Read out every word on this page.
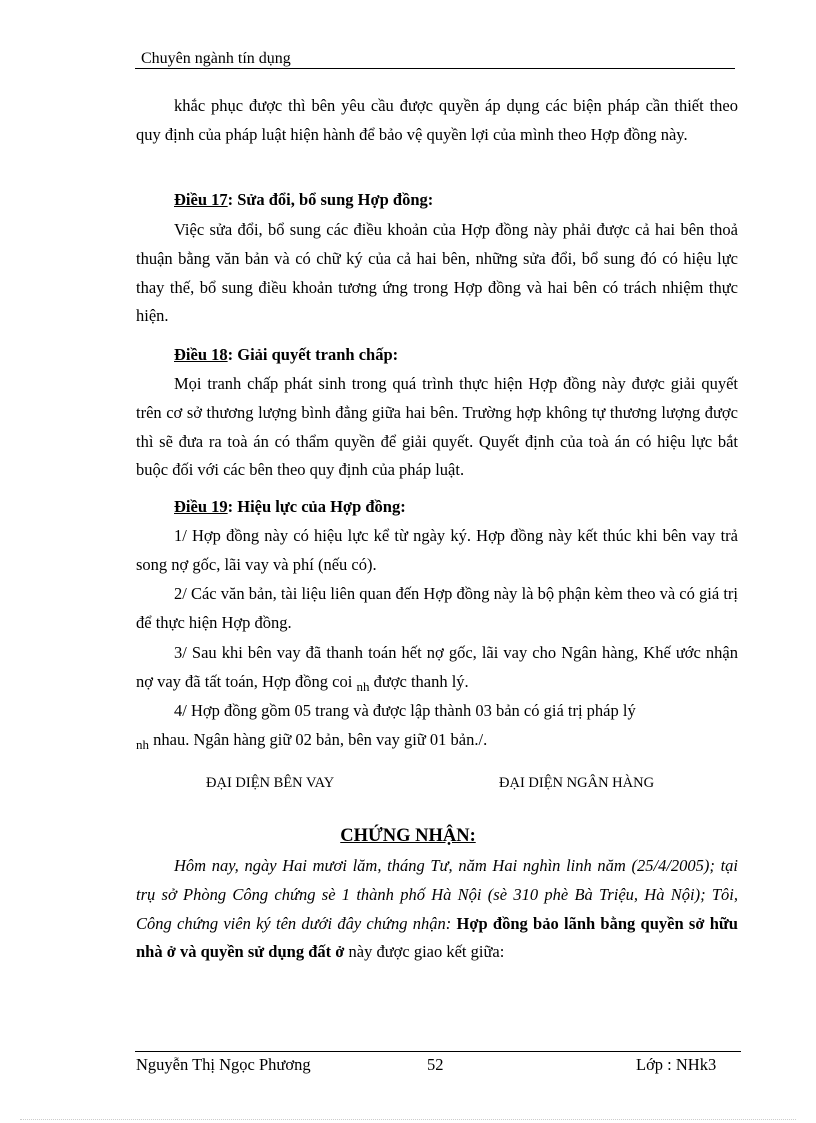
Chuyên ngành tín dụng

khắc phục được thì bên yêu cầu được quyền áp dụng các biện pháp cần thiết theo quy định của pháp luật hiện hành để bảo vệ quyền lợi của mình theo Hợp đồng này.

Điều 17: Sửa đổi, bổ sung Hợp đồng:

Việc sửa đổi, bổ sung các điều khoản của Hợp đồng này phải được cả hai bên thoả thuận bằng văn bản và có chữ ký của cả hai bên, những sửa đổi, bổ sung đó có hiệu lực thay thế, bổ sung điều khoản tương ứng trong Hợp đồng và hai bên có trách nhiệm thực hiện.

Điều 18: Giải quyết tranh chấp:

Mọi tranh chấp phát sinh trong quá trình thực hiện Hợp đồng này được giải quyết trên cơ sở thương lượng bình đẳng giữa hai bên. Trường hợp không tự thương lượng được thì sẽ đưa ra toà án có thẩm quyền để giải quyết. Quyết định của toà án có hiệu lực bắt buộc đối với các bên theo quy định của pháp luật.

Điều 19: Hiệu lực của Hợp đồng:

1/ Hợp đồng này có hiệu lực kể từ ngày ký. Hợp đồng này kết thúc khi bên vay trả song nợ gốc, lãi vay và phí (nếu có).

2/ Các văn bản, tài liệu liên quan đến Hợp đồng này là bộ phận kèm theo và có giá trị để thực hiện Hợp đồng.

3/ Sau khi bên vay đã thanh toán hết nợ gốc, lãi vay cho Ngân hàng, Khế ước nhận nợ vay đã tất toán, Hợp đồng coi $_{nh}$ được thanh lý.

4/ Hợp đồng gồm 05 trang và được lập thành 03 bản có giá trị pháp lý
$_{nh}$ nhau. Ngân hàng giữ 02 bản, bên vay giữ 01 bản./.

ĐẠI DIỆN BÊN VAY	ĐẠI DIỆN NGÂN HÀNG
CHỨNG NHẬN:

Hôm nay, ngày Hai mươi lăm, tháng Tư, năm Hai nghìn linh năm (25/4/2005); tại trụ sở Phòng Công chứng sè 1 thành phố Hà Nội (sè 310 phè Bà Triệu, Hà Nội); Tôi, Công chứng viên ký tên dưới đây chứng nhận: Hợp đồng bảo lãnh bằng quyền sở hữu nhà ở và quyền sử dụng đất ở này được giao kết giữa:

Nguyễn Thị Ngọc Phương	52	Lớp : NHk3
